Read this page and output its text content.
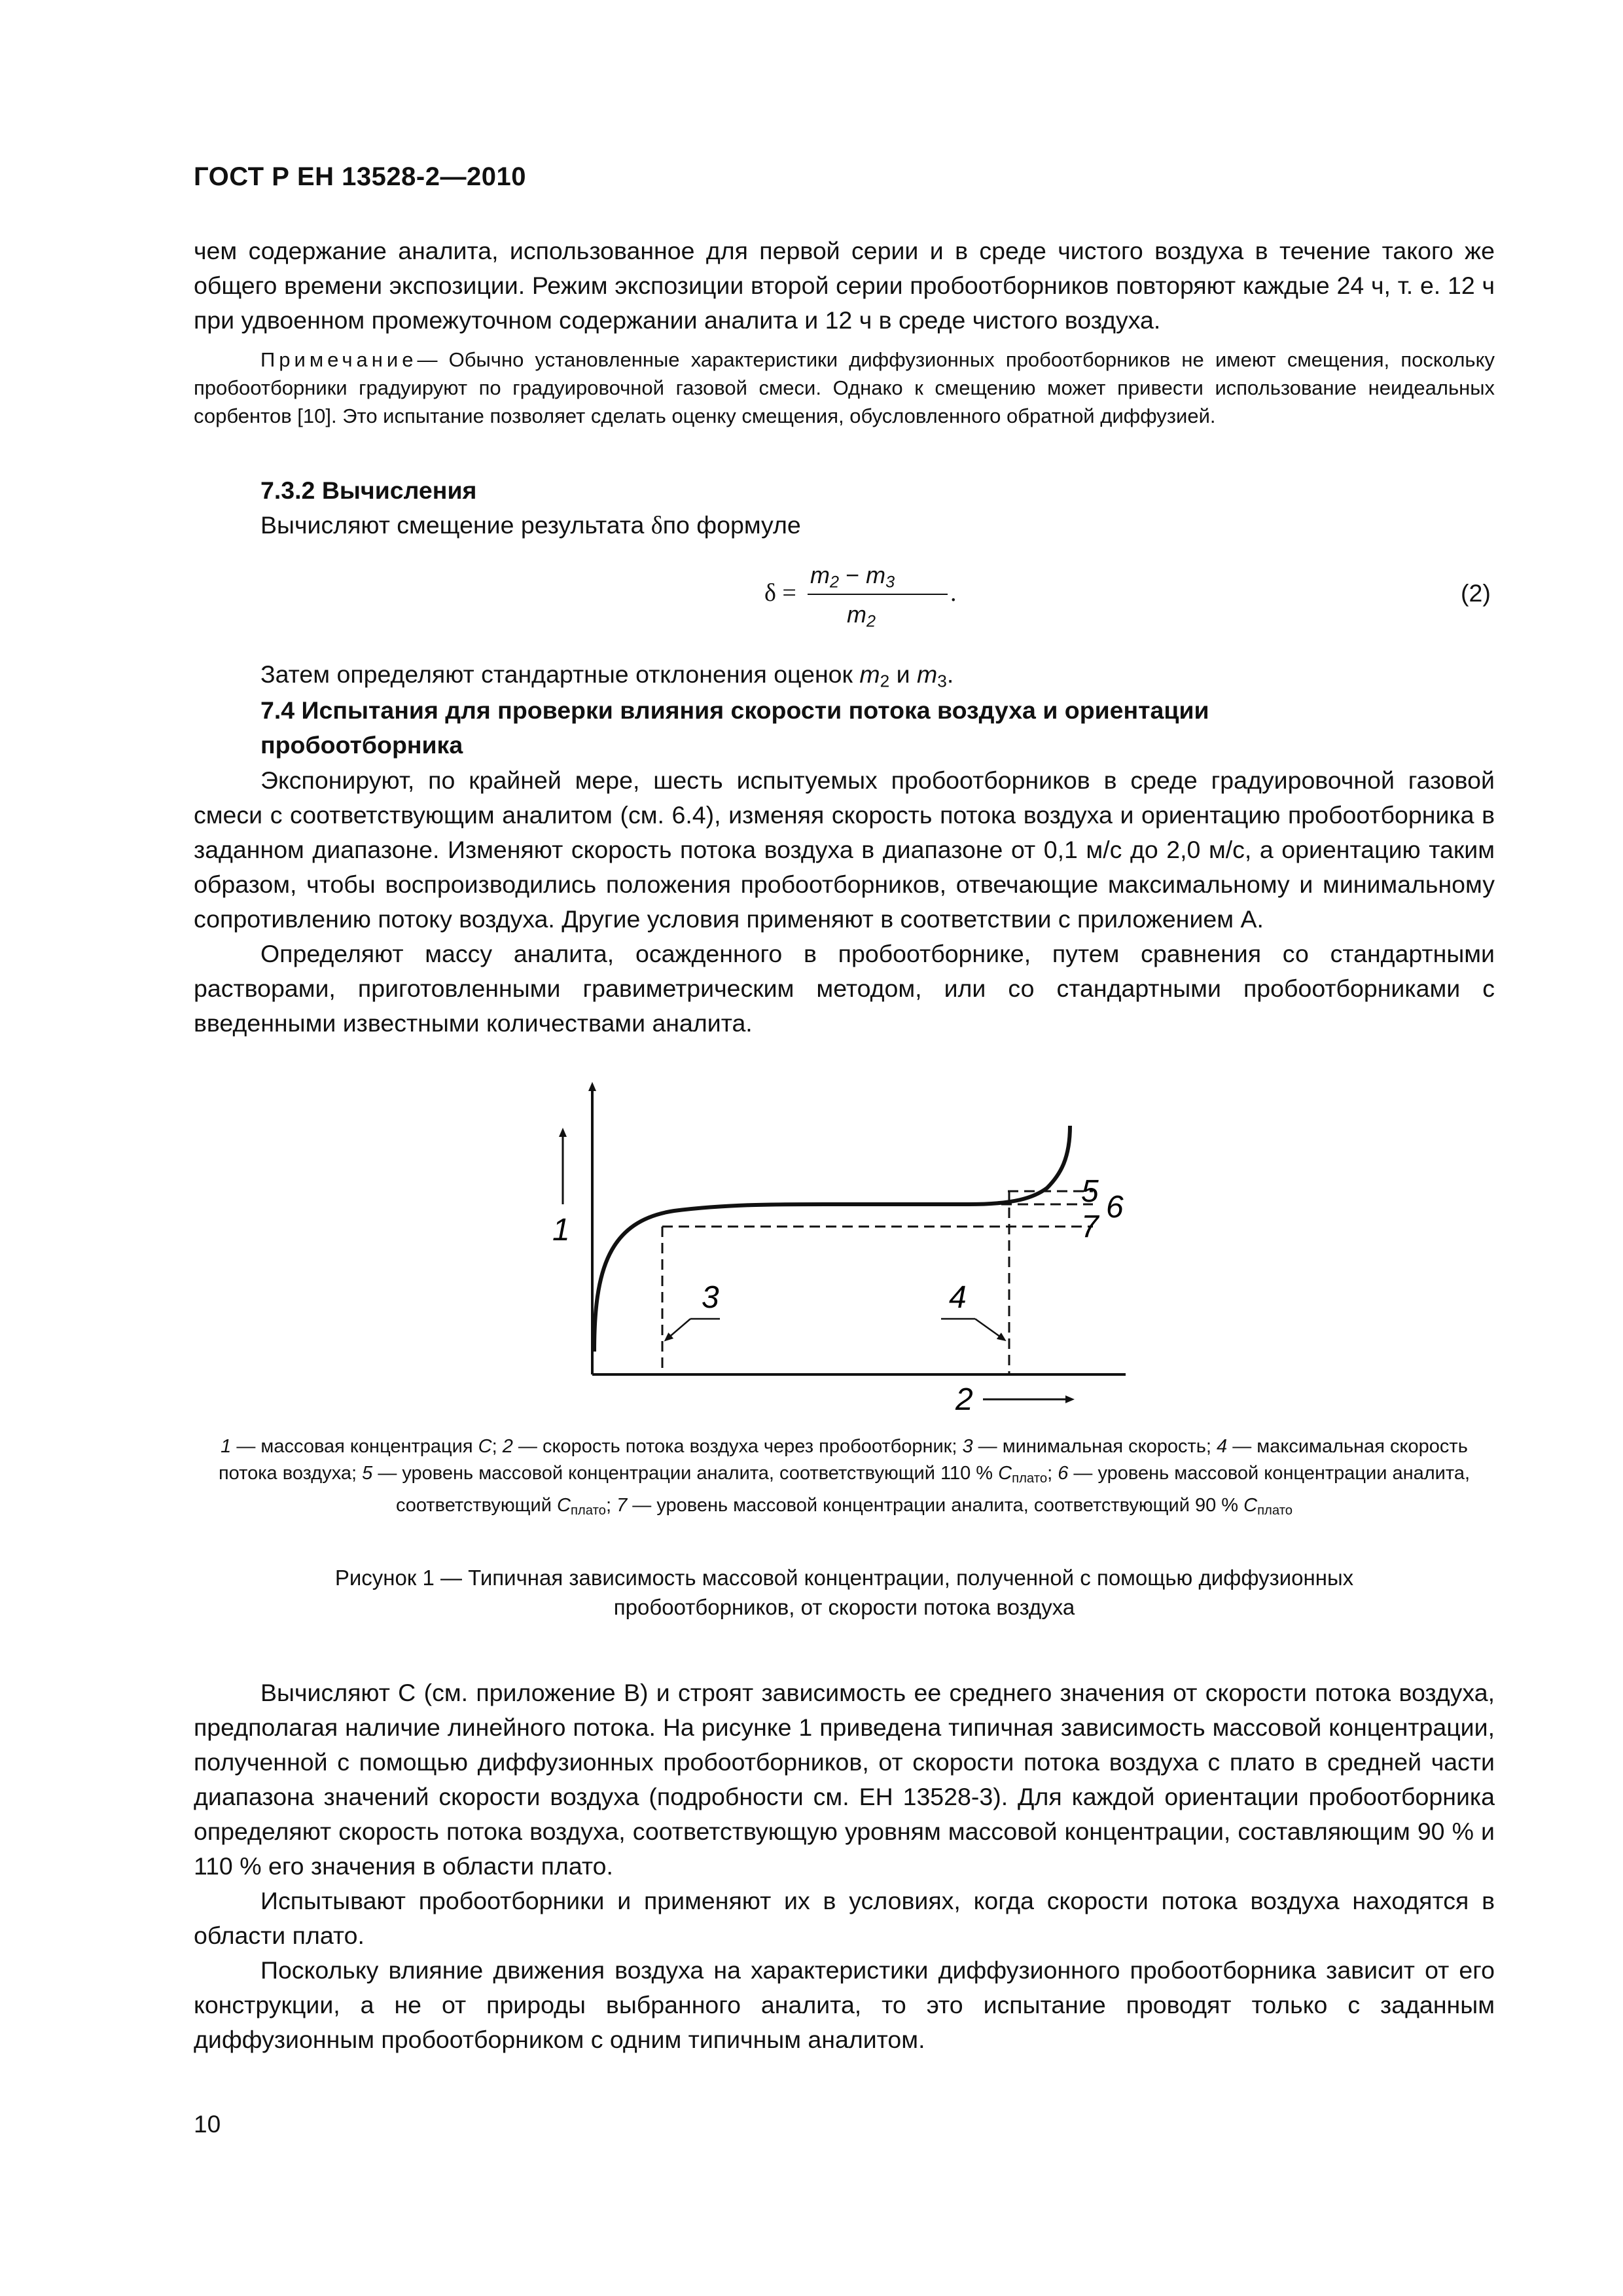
ГОСТ Р ЕН 13528-2—2010

чем содержание аналита, использованное для первой серии и в среде чистого воздуха в течение такого же общего времени экспозиции. Режим экспозиции второй серии пробоотборников повторяют каждые 24 ч, т. е. 12 ч при удвоенном промежуточном содержании аналита и 12 ч в среде чистого воздуха.

Примечание— Обычно установленные характеристики диффузионных пробоотборников не имеют смещения, поскольку пробоотборники градуируют по градуировочной газовой смеси. Однако к смещению может привести использование неидеальных сорбентов [10]. Это испытание позволяет сделать оценку смещения, обусловленного обратной диффузией.

7.3.2 Вычисления

Вычисляют смещение результата δпо формуле

δ =
$m_2 - m_3$
$m_2$
.	(2)

Затем определяют стандартные отклонения оценок $m_2$ и $m_3$.

7.4 Испытания для проверки влияния скорости потока воздуха и ориентации

пробоотборника

Экспонируют, по крайней мере, шесть испытуемых пробоотборников в среде градуировочной газовой смеси с соответствующим аналитом (см. 6.4), изменяя скорость потока воздуха и ориентацию пробоотборника в заданном диапазоне. Изменяют скорость потока воздуха в диапазоне от 0,1 м/с до 2,0 м/с, а ориентацию таким образом, чтобы воспроизводились положения пробоотборников, отвечающие максимальному и минимальному сопротивлению потоку воздуха. Другие условия применяют в соответствии с приложением А.

Определяют массу аналита, осажденного в пробоотборнике, путем сравнения со стандартными растворами, приготовленными гравиметрическим методом, или со стандартными пробоотборниками с введенными известными количествами аналита.

1
2
3	4
5 6
7

1 — массовая концентрация C; 2 — скорость потока воздуха через пробоотборник; 3 — минимальная скорость; 4 — максимальная скорость потока воздуха; 5 — уровень массовой концентрации аналита, соответствующий 110 % $C_{плато}$; 6 — уровень массовой концентрации аналита, соответствующий $C_{плато}$; 7 — уровень массовой концентрации аналита, соответствующий 90 % $C_{плато}$

Рисунок 1 — Типичная зависимость массовой концентрации, полученной с помощью диффузионных

пробоотборников, от скорости потока воздуха

Вычисляют C (см. приложение В) и строят зависимость ее среднего значения от скорости потока воздуха, предполагая наличие линейного потока. На рисунке 1 приведена типичная зависимость массовой концентрации, полученной с помощью диффузионных пробоотборников, от скорости потока воздуха с плато в средней части диапазона значений скорости воздуха (подробности см. ЕН 13528-3). Для каждой ориентации пробоотборника определяют скорость потока воздуха, соответствующую уровням массовой концентрации, составляющим 90 % и 110 % его значения в области плато.

Испытывают пробоотборники и применяют их в условиях, когда скорости потока воздуха находятся в области плато.

Поскольку влияние движения воздуха на характеристики диффузионного пробоотборника зависит от его конструкции, а не от природы выбранного аналита, то это испытание проводят только с заданным диффузионным пробоотборником с одним типичным аналитом.

10
